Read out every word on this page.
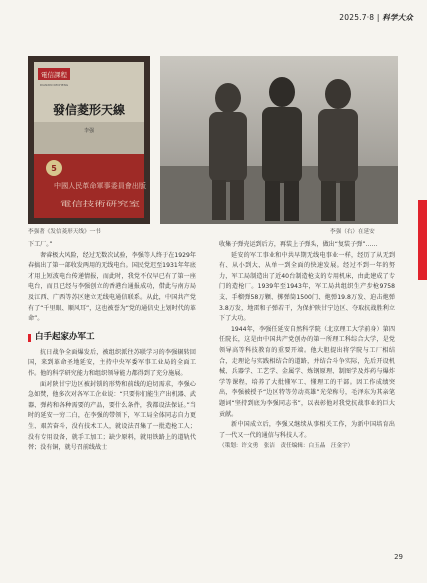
2025.7·8 | 科学大众
電信課程
DIANXIN KECHENG
發信菱形天線
李强
5
中國人民革命軍事委員會出版
電信技術研究室
李强著《发信菱形天线》一书	李强（右）在延安

下工厂。”

奢睿极大风险，经过无数次试验，李强等人终于在1929年春搞出了第一部收发两用的无线电台。国民党迟至1931年年底才用上短波电台传递情报，而此时，我党不仅早已有了第一座电台，而且已经与李强创立的香港台通报成功，借此与南方局及江西、广西等苏区建立无线电通信联系。从此，中国共产党有了“千里眼、顺风耳”，这也被誉为“党的通信史上划时代的革命”。

白手起家办军工

抗日战争全面爆发后，被组织派往苏联学习的李强辗转回国，来到革命圣地延安，主持中央军委军事工业局的全面工作。他的科学研究能力和组织领导能力都得到了充分施展。

面对陕甘宁边区被封锁的形势和前线的迫切需求，李强心急如焚，他多次对各军工企业说：“只要你们能生产出机器、武器、弹药和各种需要的产品，要什么条件，我都设法保证。”当时的延安一穷二白，在李强的带领下，军工局全体同志自力更生、艰苦奋斗，没有技术工人，就设法召集了一批造枪工人；没有专用设备，就手工加工；缺少原料，就用铁路上的道轨代替；没有铜，就号召前线战士

收集子弹壳运到后方，再装上子弹头，做出“复装子弹”……

延安的军工事业和中共早期无线电事业一样，经历了从无到有、从小到大、从单一到全面的快速发展。经过不到一年的努力，军工局制造出了近40台制造枪支的专用机床，由此建成了专门的造枪厂。1939年至1943年，军工局共组织生产步枪9758支、手榴弹58万颗、掷弹筒1500门、炮弹19.8万发、迫击炮弹3.8万发、地雷和子弹若干，为保护陕甘宁边区、夺取抗战胜利立下了大功。

1944年，李强任延安自然科学院（北京理工大学前身）第四任院长，这是由中国共产党创办的第一所理工科综合大学，是党领导高等科技教育的重要开端。他大胆提出将学院与工厂相结合，走理论与实践相结合的道路，并结合斗争实际，先后开设机械、兵器学、工艺学、金属学、炼钢原理、制图学及炸药与爆炸学等课程，培养了大批懂军工、懂理工的干部。因工作成绩突出，李强被授予“边区特等劳动英雄”光荣称号，毛泽东为其亲笔题词“坚持到底为李强同志书”，以表彰他对我党抗战事业的巨大贡献。

新中国成立后，李强又继续从事相关工作，为新中国培育出了一代又一代的通信与科技人才。

（策划：许文勇　张洁　责任编辑：白玉晶　汪金宇）

29
